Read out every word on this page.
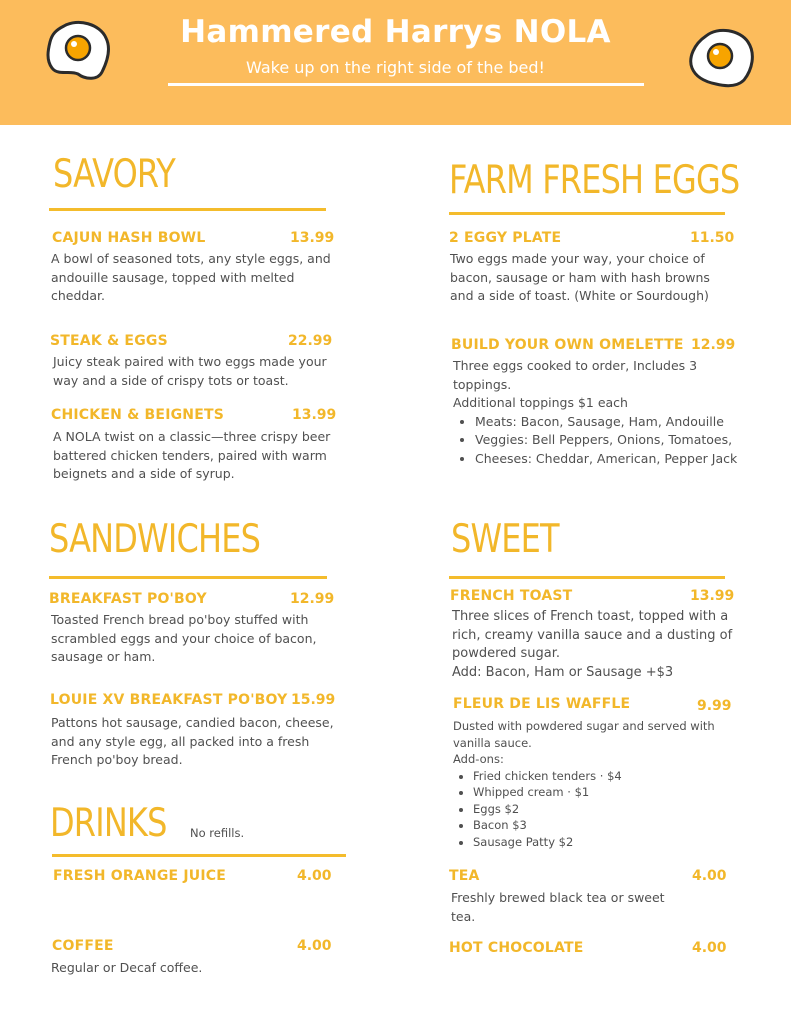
Hammered Harrys NOLA
Wake up on the right side of the bed!
SAVORY
CAJUN HASH BOWL	13.99
A bowl of seasoned tots, any style eggs, and andouille sausage, topped with melted cheddar.
STEAK & EGGS	22.99
Juicy steak paired with two eggs made your way and a side of crispy tots or toast.
CHICKEN & BEIGNETS	13.99
A NOLA twist on a classic—three crispy beer battered chicken tenders, paired with warm beignets and a side of syrup.
FARM FRESH EGGS
2 EGGY PLATE	11.50
Two eggs made your way, your choice of bacon, sausage or ham with hash browns and a side of toast. (White or Sourdough)
BUILD YOUR OWN OMELETTE 12.99

Three eggs cooked to order, Includes 3 toppings.

Additional toppings $1 each

• Meats: Bacon, Sausage, Ham, Andouille
• Veggies: Bell Peppers, Onions, Tomatoes,
• Cheeses: Cheddar, American, Pepper Jack
SANDWICHES
BREAKFAST PO'BOY	12.99
Toasted French bread po'boy stuffed with scrambled eggs and your choice of bacon, sausage or ham.
LOUIE XV BREAKFAST PO'BOY 15.99
Pattons hot sausage, candied bacon, cheese, and any style egg, all packed into a fresh French po'boy bread.
SWEET
FRENCH TOAST	13.99

Three slices of French toast, topped with a rich, creamy vanilla sauce and a dusting of powdered sugar.

Add: Bacon, Ham or Sausage +$3

FLEUR DE LIS WAFFLE	9.99

Dusted with powdered sugar and served with vanilla sauce.

Add-ons:

• Fried chicken tenders · $4
• Whipped cream · $1
• Eggs $2
• Bacon $3
• Sausage Patty $2
DRINKS No refills.
FRESH ORANGE JUICE	4.00
COFFEE	4.00
Regular or Decaf coffee.
TEA	4.00
Freshly brewed black tea or sweet tea.
HOT CHOCOLATE	4.00
